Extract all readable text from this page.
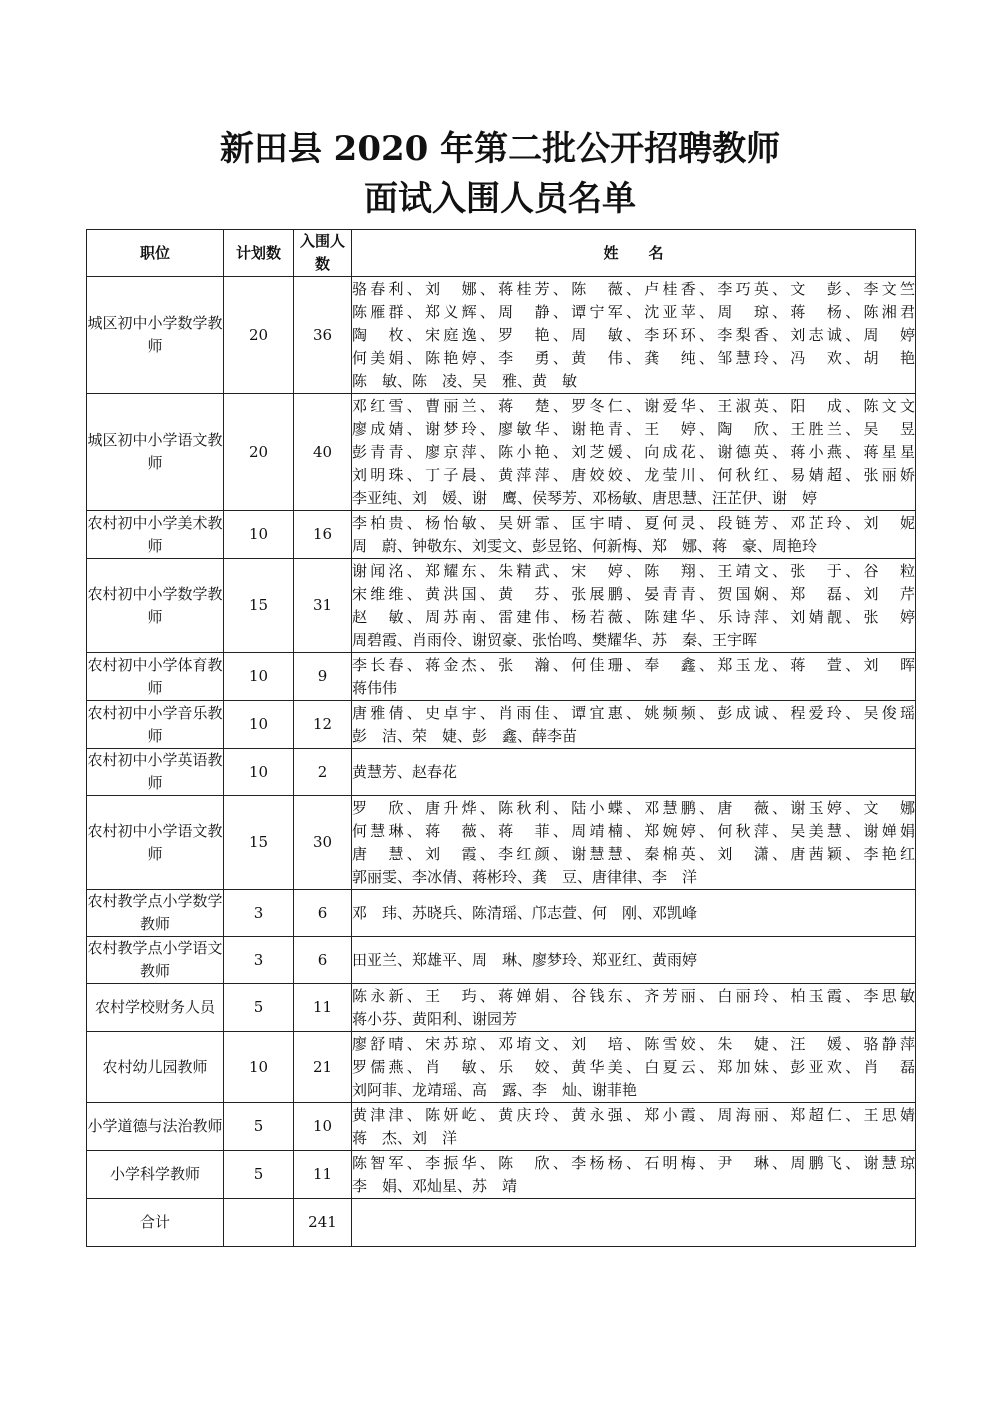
新田县 2020 年第二批公开招聘教师
面试入围人员名单
职位	计划数	入围人数	姓　　名
城区初中小学数学教师	20	36	骆春利、刘　娜、蒋桂芳、陈　薇、卢桂香、李巧英、文　彭、李文竺
陈雁群、郑义辉、周　静、谭宁军、沈亚苹、周　琼、蒋　杨、陈湘君
陶　枚、宋庭逸、罗　艳、周　敏、李环环、李梨香、刘志诚、周　婷
何美娟、陈艳婷、李　勇、黄　伟、龚　纯、邹慧玲、冯　欢、胡　艳
陈　敏、陈　凌、吴　雅、黄　敏

城区初中小学语文教师	20	40	邓红雪、曹丽兰、蒋　楚、罗冬仁、谢爱华、王淑英、阳　成、陈文文
廖成婧、谢梦玲、廖敏华、谢艳青、王　婷、陶　欣、王胜兰、吴　昱
彭青青、廖京萍、陈小艳、刘芝媛、向成花、谢德英、蒋小燕、蒋星星
刘明珠、丁子晨、黄萍萍、唐姣姣、龙莹川、何秋红、易婧超、张丽娇
李亚纯、刘　媛、谢　鹰、侯琴芳、邓杨敏、唐思慧、汪芷伊、谢　婷

农村初中小学美术教师	10	16	李柏贵、杨怡敏、吴妍霏、匡宇晴、夏何灵、段链芳、邓芷玲、刘　妮
周　蔚、钟敬东、刘雯文、彭昱铭、何新梅、郑　娜、蒋　豪、周艳玲

农村初中小学数学教师	15	31	谢闻洺、郑耀东、朱精武、宋　婷、陈　翔、王靖文、张　于、谷　粒
宋维维、黄洪国、黄　芬、张展鹏、晏青青、贺国娴、郑　磊、刘　芹
赵　敏、周苏南、雷建伟、杨若薇、陈建华、乐诗萍、刘婧靓、张　婷
周碧霞、肖雨伶、谢贸豪、张怡鸣、樊耀华、苏　秦、王宇晖

农村初中小学体育教师	10	9	李长春、蒋金杰、张　瀚、何佳珊、奉　鑫、郑玉龙、蒋　萱、刘　晖
蒋伟伟

农村初中小学音乐教师	10	12	唐雅倩、史卓宇、肖雨佳、谭宜惠、姚频频、彭成诚、程爱玲、吴俊瑶
彭　洁、荣　婕、彭　鑫、薛李苗

农村初中小学英语教师	10	2	黄慧芳、赵春花

农村初中小学语文教师	15	30	罗　欣、唐升烨、陈秋利、陆小蝶、邓慧鹏、唐　薇、谢玉婷、文　娜
何慧琳、蒋　薇、蒋　菲、周靖楠、郑婉婷、何秋萍、吴美慧、谢婵娟
唐　慧、刘　霞、李红颜、谢慧慧、秦棉英、刘　潇、唐茜颖、李艳红
郭丽雯、李冰倩、蒋彬玲、龚　豆、唐律律、李　洋

农村教学点小学数学教师	3	6	邓　玮、苏晓兵、陈清瑶、邝志萱、何　刚、邓凯峰

农村教学点小学语文教师	3	6	田亚兰、郑雄平、周　琳、廖梦玲、郑亚红、黄雨婷

农村学校财务人员	5	11	陈永新、王　玙、蒋婵娟、谷钱东、齐芳丽、白丽玲、柏玉霞、李思敏
蒋小芬、黄阳利、谢园芳

农村幼儿园教师	10	21	廖舒晴、宋苏琼、邓堉文、刘　培、陈雪姣、朱　婕、汪　媛、骆静萍
罗儒燕、肖　敏、乐　姣、黄华美、白夏云、郑加妹、彭亚欢、肖　磊
刘阿菲、龙靖瑶、高　露、李　灿、谢菲艳

小学道德与法治教师	5	10	黄津津、陈妍屹、黄庆玲、黄永强、郑小霞、周海丽、郑超仁、王思婧
蒋　杰、刘　洋

小学科学教师	5	11	陈智军、李振华、陈　欣、李杨杨、石明梅、尹　琳、周鹏飞、谢慧琼
李　娟、邓灿星、苏　靖

合计		241	
